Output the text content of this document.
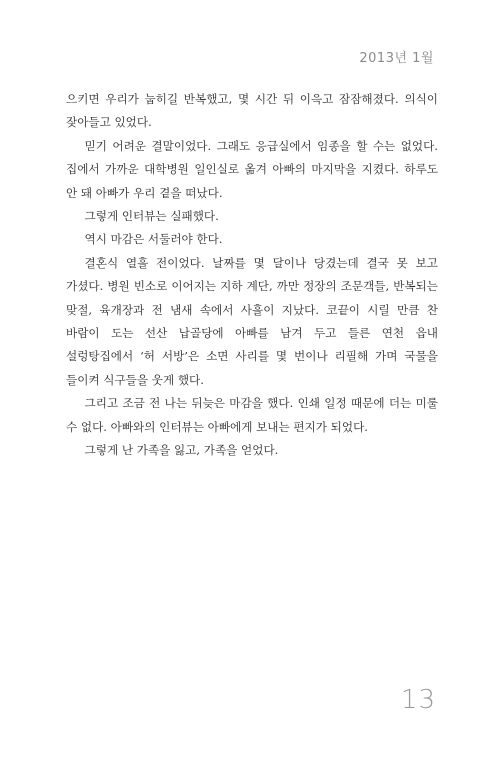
2013년 1월

으키면 우리가 눕히길 반복했고, 몇 시간 뒤 이윽고 잠잠해졌다. 의식이 잦아들고 있었다.

믿기 어려운 결말이었다. 그래도 응급실에서 임종을 할 수는 없었다. 집에서 가까운 대학병원 일인실로 옮겨 아빠의 마지막을 지켰다. 하루도 안 돼 아빠가 우리 곁을 떠났다.

그렇게 인터뷰는 실패했다.

역시 마감은 서둘러야 한다.

결혼식 열흘 전이었다. 날짜를 몇 달이나 당겼는데 결국 못 보고 가셨다. 병원 빈소로 이어지는 지하 계단, 까만 정장의 조문객들, 반복되는 맞절, 육개장과 전 냄새 속에서 사흘이 지났다. 코끝이 시릴 만큼 찬 바람이 도는 선산 납골당에 아빠를 남겨 두고 들른 연천 읍내 설렁탕집에서 ‘허 서방’은 소면 사리를 몇 번이나 리필해 가며 국물을 들이켜 식구들을 웃게 했다.

그리고 조금 전 나는 뒤늦은 마감을 했다. 인쇄 일정 때문에 더는 미룰 수 없다. 아빠와의 인터뷰는 아빠에게 보내는 편지가 되었다.

그렇게 난 가족을 잃고, 가족을 얻었다.

13
